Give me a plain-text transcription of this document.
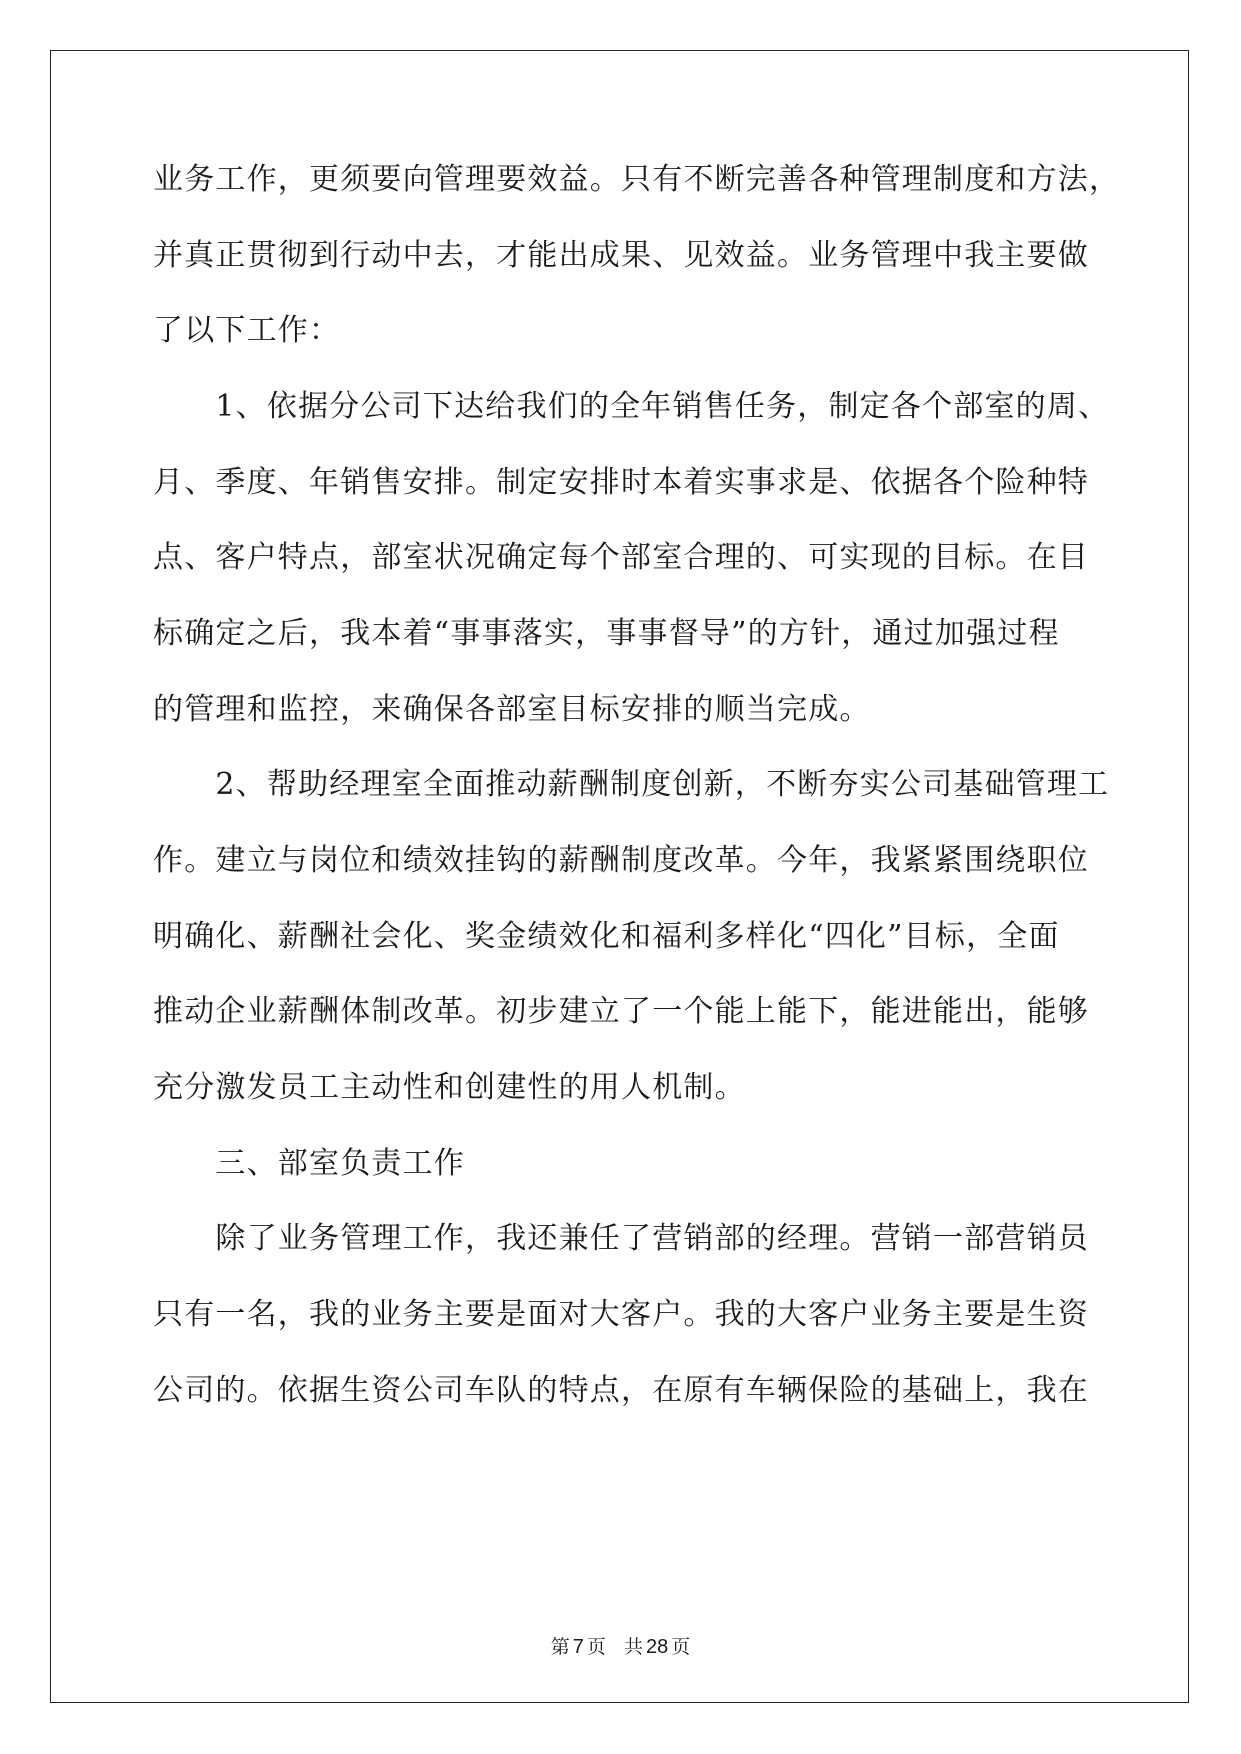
业务工作，更须要向管理要效益。只有不断完善各种管理制度和方法，
并真正贯彻到行动中去，才能出成果、见效益。业务管理中我主要做
了以下工作：
　　1、依据分公司下达给我们的全年销售任务，制定各个部室的周、
月、季度、年销售安排。制定安排时本着实事求是、依据各个险种特
点、客户特点，部室状况确定每个部室合理的、可实现的目标。在目
标确定之后，我本着“事事落实，事事督导”的方针，通过加强过程
的管理和监控，来确保各部室目标安排的顺当完成。
　　2、帮助经理室全面推动薪酬制度创新，不断夯实公司基础管理工
作。建立与岗位和绩效挂钩的薪酬制度改革。今年，我紧紧围绕职位
明确化、薪酬社会化、奖金绩效化和福利多样化“四化”目标，全面
推动企业薪酬体制改革。初步建立了一个能上能下，能进能出，能够
充分激发员工主动性和创建性的用人机制。
　　三、部室负责工作
　　除了业务管理工作，我还兼任了营销部的经理。营销一部营销员
只有一名，我的业务主要是面对大客户。我的大客户业务主要是生资
公司的。依据生资公司车队的特点，在原有车辆保险的基础上，我在
第 7 页 共 28 页
